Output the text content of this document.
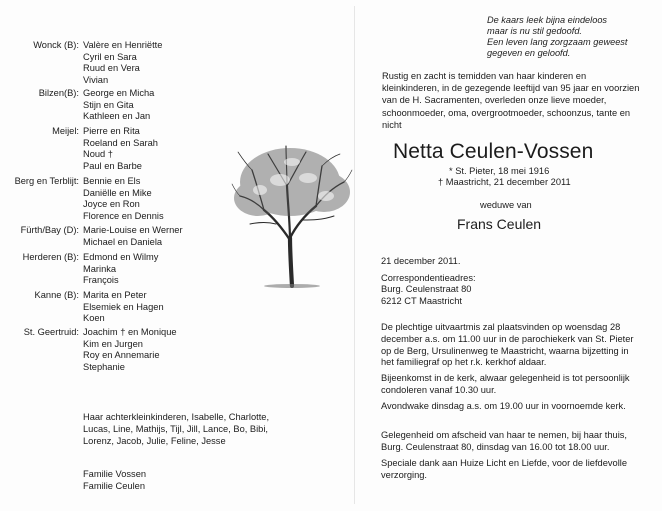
Wonck (B): Valère en Henriëtte
Cyril en Sara
Ruud en Vera
Vivian
Bilzen(B): George en Micha
Stijn en Gita
Kathleen en Jan
Meijel: Pierre en Rita
Roeland en Sarah
Noud †
Paul en Barbe
Berg en Terblijt: Bennie en Els
Daniëlle en Mike
Joyce en Ron
Florence en Dennis
Fürth/Bay (D): Marie-Louise en Werner
Michael en Daniela
Herderen (B): Edmond en Wilmy
Marinka
François
Kanne (B): Marita en Peter
Elsemiek en Hagen
Koen
St. Geertruid: Joachim † en Monique
Kim en Jurgen
Roy en Annemarie
Stephanie
Haar achterkleinkinderen, Isabelle, Charlotte, Lucas, Line, Mathijs, Tijl, Jill, Lance, Bo, Bibi, Lorenz, Jacob, Julie, Feline, Jesse
Familie Vossen
Familie Ceulen
De kaars leek bijna eindeloos
maar is nu stil gedoofd.
Een leven lang zorgzaam geweest
gegeven en geloofd.
Rustig en zacht is temidden van haar kinderen en kleinkinderen, in de gezegende leeftijd van 95 jaar en voorzien van de H. Sacramenten, overleden onze lieve moeder, schoonmoeder, oma, overgrootmoeder, schoonzus, tante en nicht
Netta Ceulen-Vossen
* St. Pieter, 18 mei 1916
† Maastricht, 21 december 2011
weduwe van
Frans Ceulen
21 december 2011.
Correspondentieadres:
Burg. Ceulenstraat 80
6212 CT Maastricht
De plechtige uitvaartmis zal plaatsvinden op woensdag 28 december a.s. om 11.00 uur in de parochiekerk van St. Pieter op de Berg, Ursulinenweg te Maastricht, waarna bijzetting in het familiegraf op het r.k. kerkhof aldaar.
Bijeenkomst in de kerk, alwaar gelegenheid is tot persoonlijk condoleren vanaf 10.30 uur.
Avondwake dinsdag a.s. om 19.00 uur in voornoemde kerk.
Gelegenheid om afscheid van haar te nemen, bij haar thuis, Burg. Ceulenstraat 80, dinsdag van 16.00 tot 18.00 uur.
Speciale dank aan Huize Licht en Liefde, voor de liefdevolle verzorging.
